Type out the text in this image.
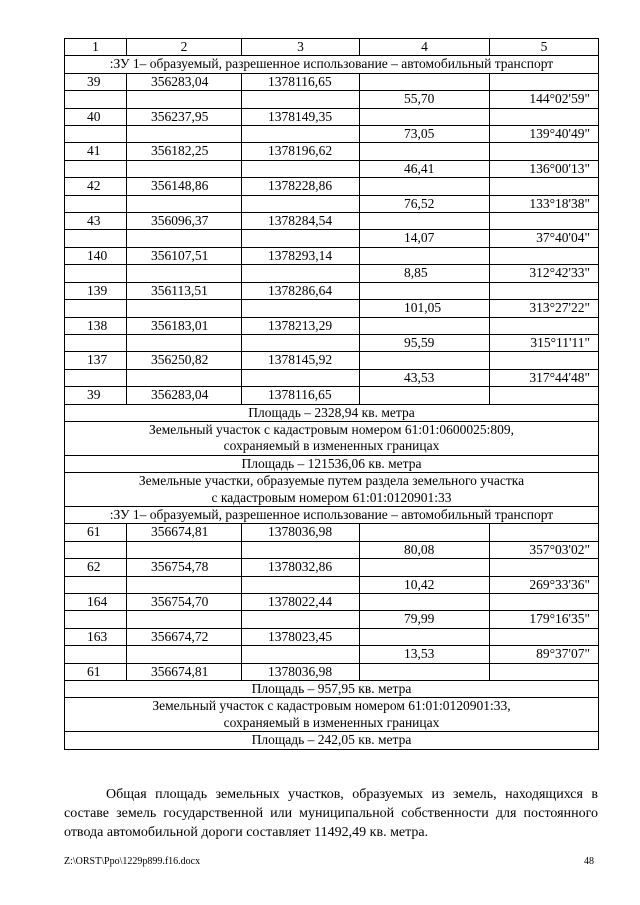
1	2	3	4	5
:ЗУ 1– образуемый, разрешенное использование – автомобильный транспорт				
39	356283,04	1378116,65		
			55,70	144°02'59"
40	356237,95	1378149,35		
			73,05	139°40'49"
41	356182,25	1378196,62		
			46,41	136°00'13"
42	356148,86	1378228,86		
			76,52	133°18'38"
43	356096,37	1378284,54		
			14,07	37°40'04"
140	356107,51	1378293,14		
			8,85	312°42'33"
139	356113,51	1378286,64		
			101,05	313°27'22"
138	356183,01	1378213,29		
			95,59	315°11'11"
137	356250,82	1378145,92		
			43,53	317°44'48"
39	356283,04	1378116,65		
Площадь – 2328,94 кв. метра				

Земельный участок с кадастровым номером 61:01:0600025:809,
сохраняемый в измененных границах				

Площадь – 121536,06 кв. метра				

Земельные участки, образуемые путем раздела земельного участка
с кадастровым номером 61:01:0120901:33				

:ЗУ 1– образуемый, разрешенное использование – автомобильный транспорт				
61	356674,81	1378036,98		
			80,08	357°03'02"
62	356754,78	1378032,86		
			10,42	269°33'36"
164	356754,70	1378022,44		
			79,99	179°16'35"
163	356674,72	1378023,45		
			13,53	89°37'07"
61	356674,81	1378036,98		
Площадь – 957,95 кв. метра				

Земельный участок с кадастровым номером 61:01:0120901:33,
сохраняемый в измененных границах				

Площадь – 242,05 кв. метра				

Общая площадь земельных участков, образуемых из земель, находящихся в составе земель государственной или муниципальной собственности для постоянного отвода автомобильной дороги составляет 11492,49 кв. метра.

Z:\ORST\Ppo\1229p899.f16.docx	48
